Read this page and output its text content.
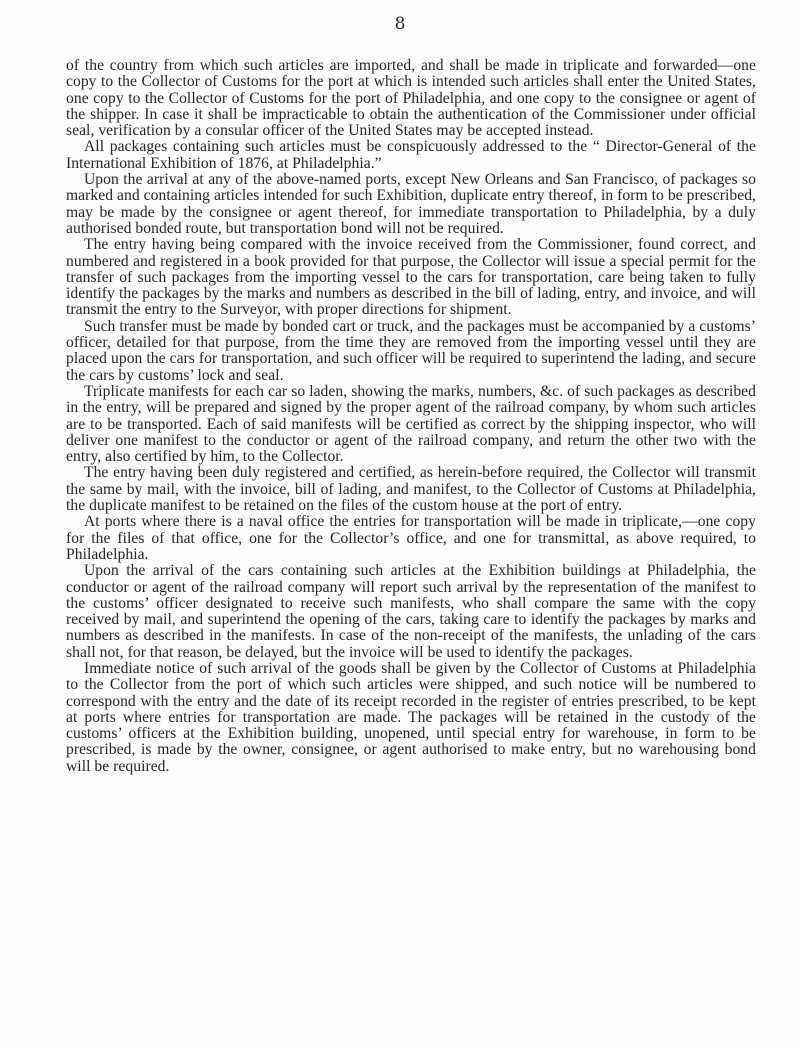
8

of the country from which such articles are imported, and shall be made in triplicate and forwarded—one copy to the Collector of Customs for the port at which is intended such articles shall enter the United States, one copy to the Collector of Customs for the port of Philadelphia, and one copy to the consignee or agent of the shipper. In case it shall be impracticable to obtain the authentication of the Commissioner under official seal, verification by a consular officer of the United States may be accepted instead.

All packages containing such articles must be conspicuously addressed to the “ Director-General of the International Exhibition of 1876, at Philadelphia.”

Upon the arrival at any of the above-named ports, except New Orleans and San Francisco, of packages so marked and containing articles intended for such Exhibition, duplicate entry thereof, in form to be prescribed, may be made by the consignee or agent thereof, for immediate transportation to Philadelphia, by a duly authorised bonded route, but transportation bond will not be required.

The entry having being compared with the invoice received from the Commissioner, found correct, and numbered and registered in a book provided for that purpose, the Collector will issue a special permit for the transfer of such packages from the importing vessel to the cars for transportation, care being taken to fully identify the packages by the marks and numbers as described in the bill of lading, entry, and invoice, and will transmit the entry to the Surveyor, with proper directions for shipment.

Such transfer must be made by bonded cart or truck, and the packages must be accompanied by a customs’ officer, detailed for that purpose, from the time they are removed from the importing vessel until they are placed upon the cars for transportation, and such officer will be required to superintend the lading, and secure the cars by customs’ lock and seal.

Triplicate manifests for each car so laden, showing the marks, numbers, &c. of such packages as described in the entry, will be prepared and signed by the proper agent of the railroad company, by whom such articles are to be transported. Each of said manifests will be certified as correct by the shipping inspector, who will deliver one manifest to the conductor or agent of the railroad company, and return the other two with the entry, also certified by him, to the Collector.

The entry having been duly registered and certified, as herein-before required, the Collector will transmit the same by mail, with the invoice, bill of lading, and manifest, to the Collector of Customs at Philadelphia, the duplicate manifest to be retained on the files of the custom house at the port of entry.

At ports where there is a naval office the entries for transportation will be made in triplicate,—one copy for the files of that office, one for the Collector’s office, and one for transmittal, as above required, to Philadelphia.

Upon the arrival of the cars containing such articles at the Exhibition buildings at Philadelphia, the conductor or agent of the railroad company will report such arrival by the representation of the manifest to the customs’ officer designated to receive such manifests, who shall compare the same with the copy received by mail, and superintend the opening of the cars, taking care to identify the packages by marks and numbers as described in the manifests. In case of the non-receipt of the manifests, the unlading of the cars shall not, for that reason, be delayed, but the invoice will be used to identify the packages.

Immediate notice of such arrival of the goods shall be given by the Collector of Customs at Philadelphia to the Collector from the port of which such articles were shipped, and such notice will be numbered to correspond with the entry and the date of its receipt recorded in the register of entries prescribed, to be kept at ports where entries for transportation are made. The packages will be retained in the custody of the customs’ officers at the Exhibition building, unopened, until special entry for warehouse, in form to be prescribed, is made by the owner, consignee, or agent authorised to make entry, but no warehousing bond will be required.
